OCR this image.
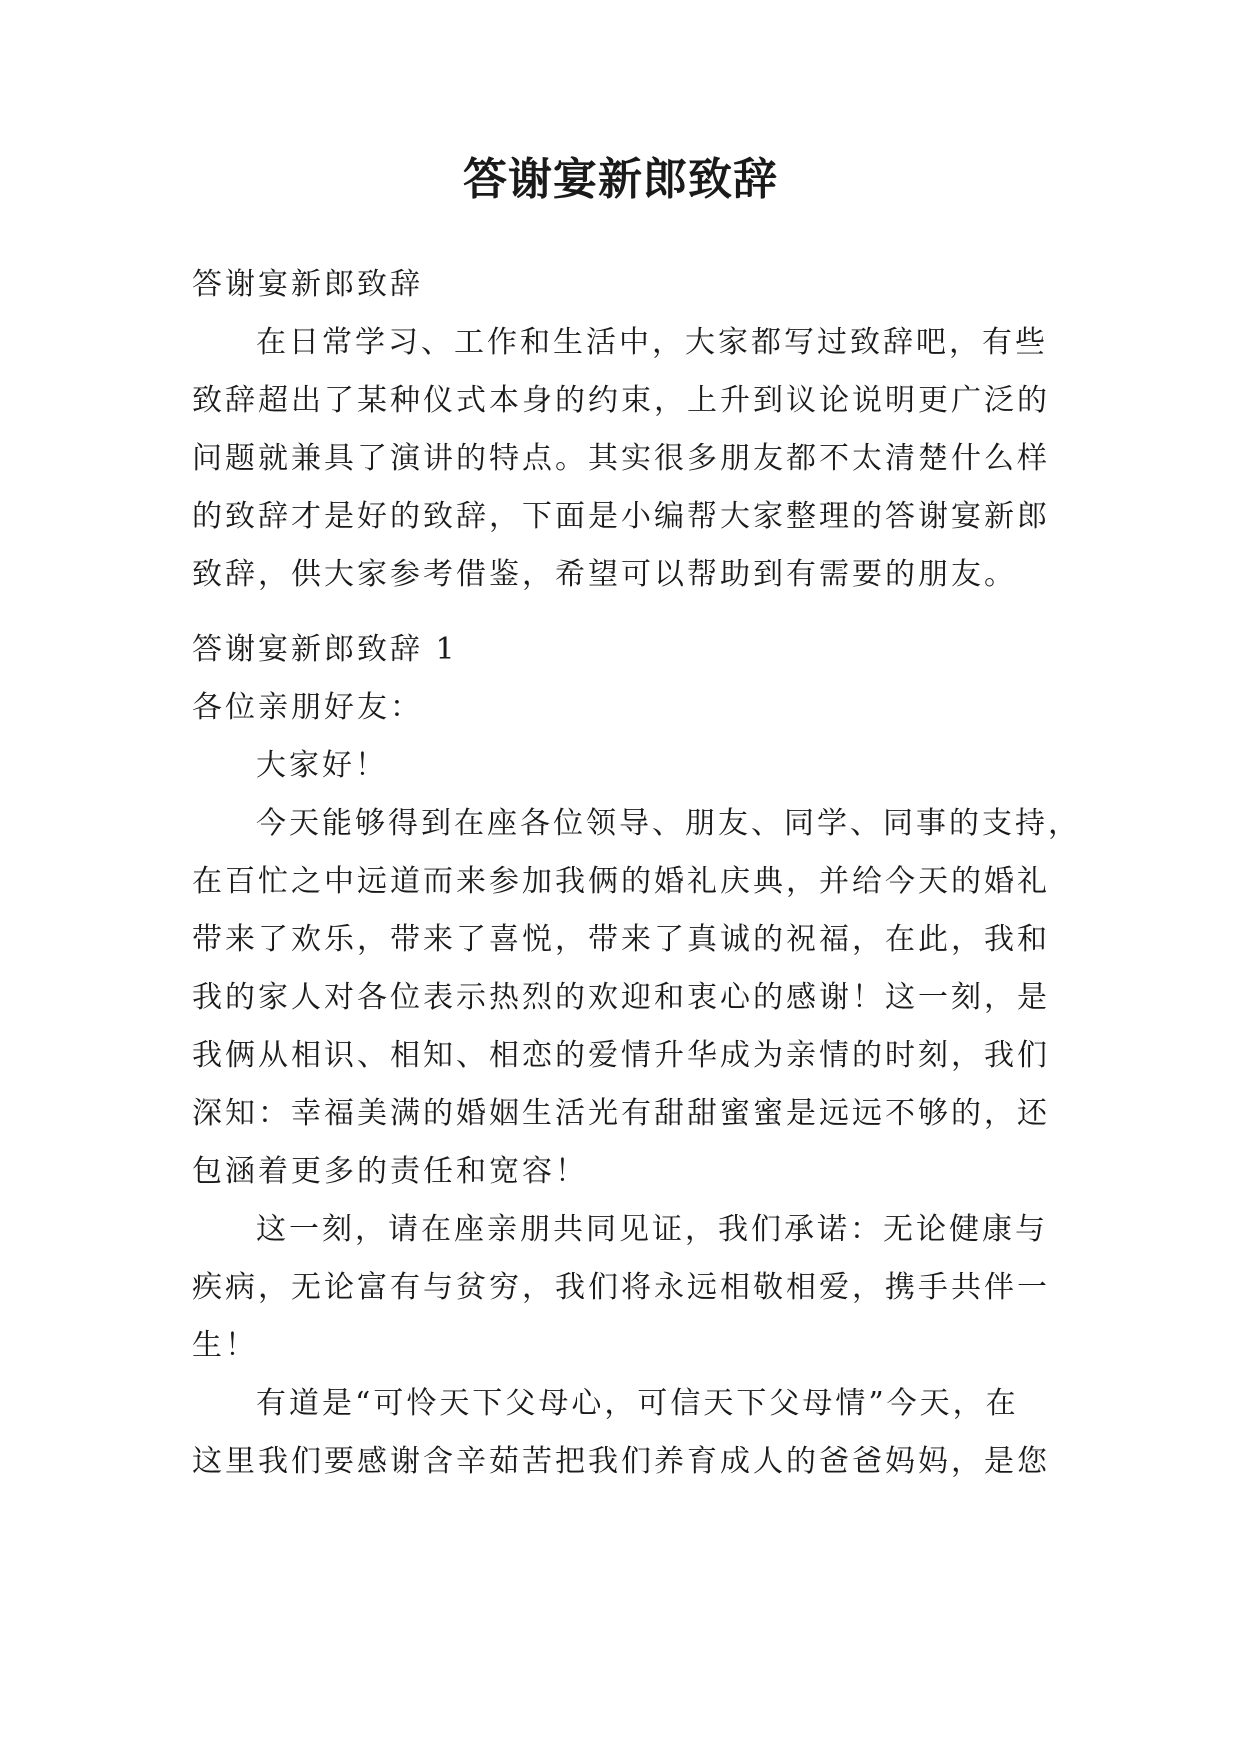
答谢宴新郎致辞
答谢宴新郎致辞
在日常学习、工作和生活中，大家都写过致辞吧，有些
致辞超出了某种仪式本身的约束，上升到议论说明更广泛的
问题就兼具了演讲的特点。其实很多朋友都不太清楚什么样
的致辞才是好的致辞，下面是小编帮大家整理的答谢宴新郎
致辞，供大家参考借鉴，希望可以帮助到有需要的朋友。
答谢宴新郎致辞 1
各位亲朋好友：
大家好！
今天能够得到在座各位领导、朋友、同学、同事的支持，
在百忙之中远道而来参加我俩的婚礼庆典，并给今天的婚礼
带来了欢乐，带来了喜悦，带来了真诚的祝福，在此，我和
我的家人对各位表示热烈的欢迎和衷心的感谢！这一刻，是
我俩从相识、相知、相恋的爱情升华成为亲情的时刻，我们
深知：幸福美满的婚姻生活光有甜甜蜜蜜是远远不够的，还
包涵着更多的责任和宽容！
这一刻，请在座亲朋共同见证，我们承诺：无论健康与
疾病，无论富有与贫穷，我们将永远相敬相爱，携手共伴一
生！
有道是“可怜天下父母心，可信天下父母情”今天，在
这里我们要感谢含辛茹苦把我们养育成人的爸爸妈妈，是您
